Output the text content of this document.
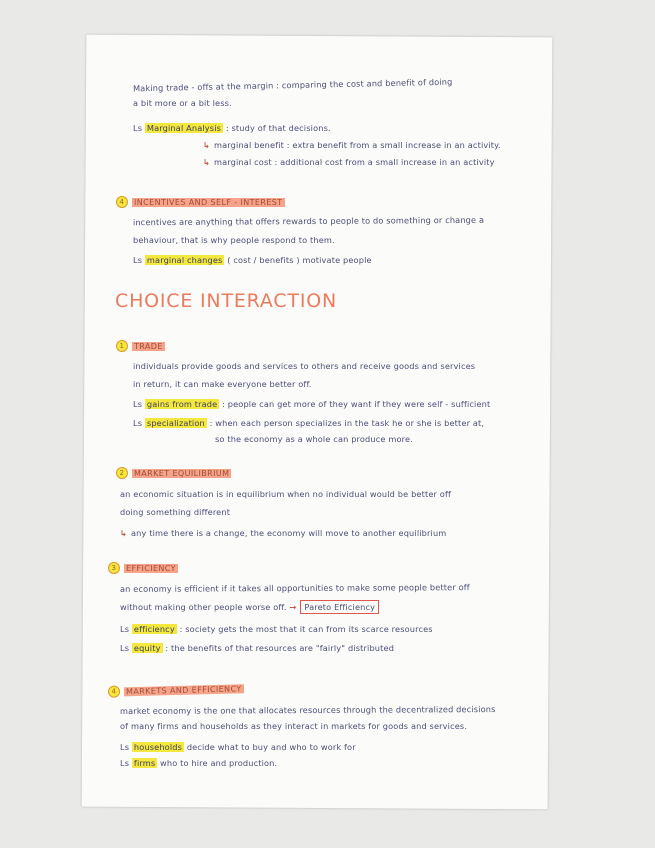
Making trade - offs at the margin : comparing the cost and benefit of doing
a bit more or a bit less.
Ls Marginal Analysis : study of that decisions.
↳ marginal benefit : extra benefit from a small increase in an activity.
↳ marginal cost : additional cost from a small increase in an activity
4 INCENTIVES AND SELF - INTEREST
incentives are anything that offers rewards to people to do something or change a
behaviour, that is why people respond to them.
Ls marginal changes ( cost / benefits ) motivate people
CHOICE INTERACTION
1 TRADE
individuals provide goods and services to others and receive goods and services
in return, it can make everyone better off.
Ls gains from trade : people can get more of they want if they were self - sufficient
Ls specialization : when each person specializes in the task he or she is better at,
so the economy as a whole can produce more.
2 MARKET EQUILIBRIUM
an economic situation is in equilibrium when no individual would be better off
doing something different
↳ any time there is a change, the economy will move to another equilibrium
3 EFFICIENCY
an economy is efficient if it takes all opportunities to make some people better off
without making other people worse off. → Pareto Efficiency
Ls efficiency : society gets the most that it can from its scarce resources
Ls equity : the benefits of that resources are "fairly" distributed
4 MARKETS AND EFFICIENCY
market economy is the one that allocates resources through the decentralized decisions
of many firms and households as they interact in markets for goods and services.
Ls households decide what to buy and who to work for
Ls firms who to hire and production.
